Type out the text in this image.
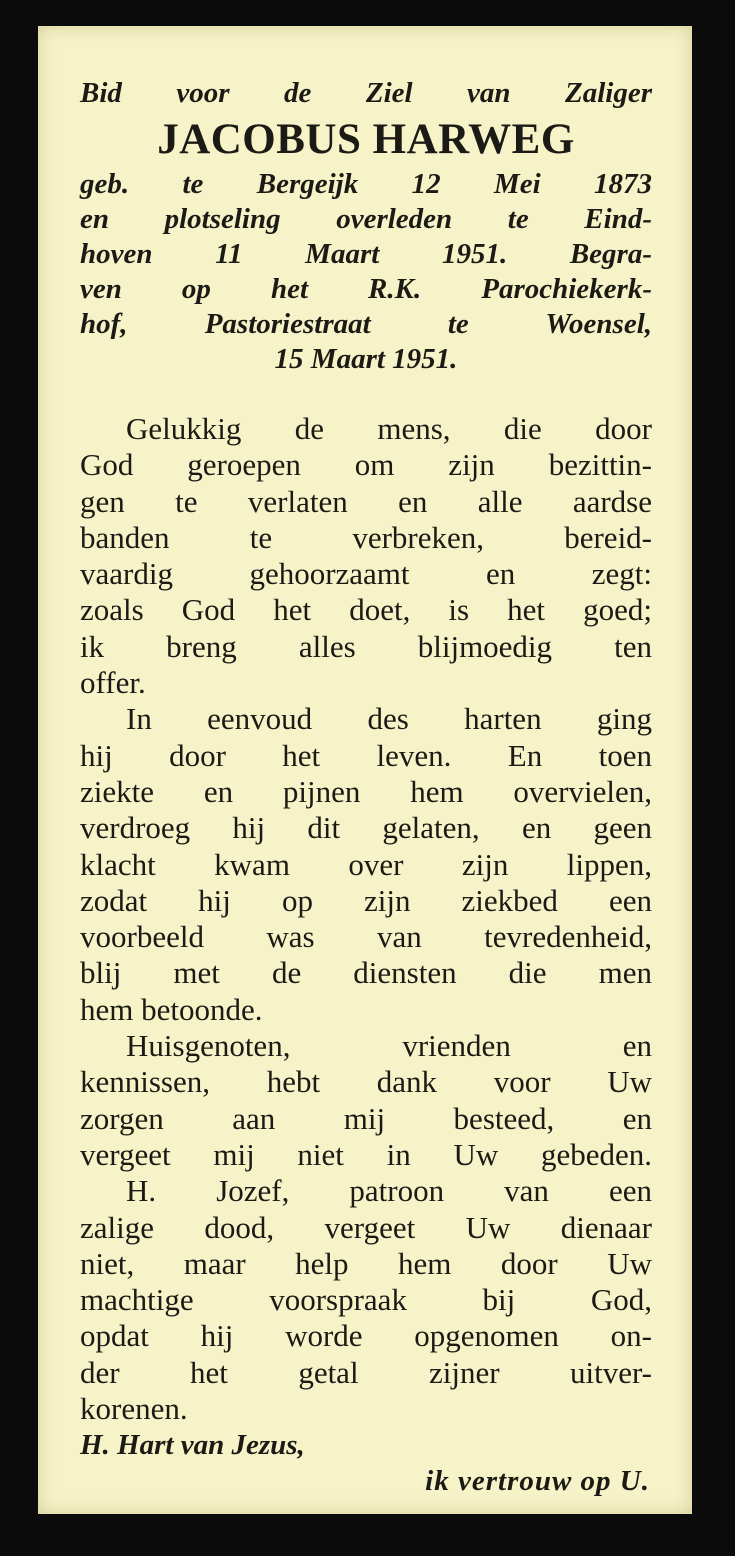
Bid voor de Ziel van Zaliger
JACOBUS HARWEG
geb. te Bergeijk 12 Mei 1873
en plotseling overleden te Eind-
hoven 11 Maart 1951. Begra-
ven op het R.K. Parochiekerk-
hof, Pastoriestraat te Woensel,
15 Maart 1951.
Gelukkig de mens, die door
God geroepen om zijn bezittin-
gen te verlaten en alle aardse
banden te verbreken, bereid-
vaardig gehoorzaamt en zegt:
zoals God het doet, is het goed;
ik breng alles blijmoedig ten
offer.
In eenvoud des harten ging
hij door het leven. En toen
ziekte en pijnen hem overvielen,
verdroeg hij dit gelaten, en geen
klacht kwam over zijn lippen,
zodat hij op zijn ziekbed een
voorbeeld was van tevredenheid,
blij met de diensten die men
hem betoonde.
Huisgenoten, vrienden en
kennissen, hebt dank voor Uw
zorgen aan mij besteed, en
vergeet mij niet in Uw gebeden.
H. Jozef, patroon van een
zalige dood, vergeet Uw dienaar
niet, maar help hem door Uw
machtige voorspraak bij God,
opdat hij worde opgenomen on-
der het getal zijner uitver-
korenen.
H. Hart van Jezus,
ik vertrouw op U.
